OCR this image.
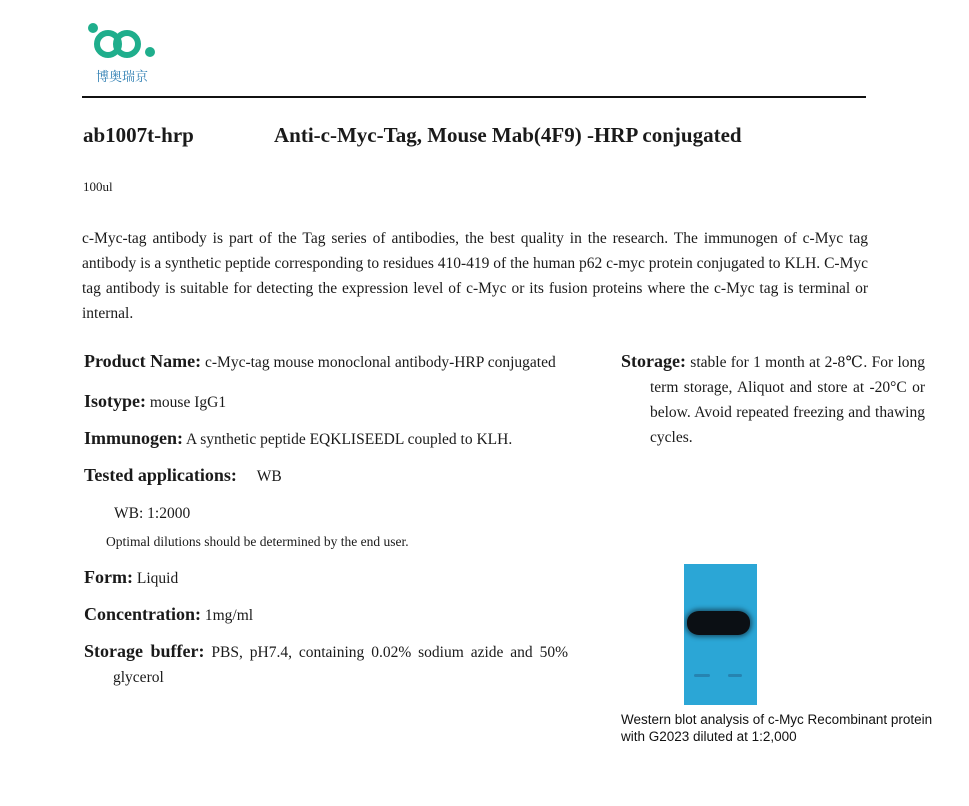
博奥瑞京
ab1007t-hrp	Anti-c-Myc-Tag, Mouse Mab(4F9) -HRP conjugated
100ul
c-Myc-tag antibody is part of the Tag series of antibodies, the best quality in the research. The immunogen of c-Myc tag antibody is a synthetic peptide corresponding to residues 410-419 of the human p62 c-myc protein conjugated to KLH. C-Myc tag antibody is suitable for detecting the expression level of c-Myc or its fusion proteins where the c-Myc tag is terminal or internal.
Product Name: c-Myc-tag mouse monoclonal antibody-HRP conjugated
Isotype: mouse IgG1
Immunogen: A synthetic peptide EQKLISEEDL coupled to KLH.
Tested applications: WB
WB: 1:2000
Optimal dilutions should be determined by the end user.
Form: Liquid
Concentration: 1mg/ml
Storage buffer: PBS, pH7.4, containing 0.02% sodium azide and 50% glycerol
Storage: stable for 1 month at 2-8℃. For long term storage, Aliquot and store at -20°C or below. Avoid repeated freezing and thawing cycles.
Western blot analysis of c-Myc Recombinant protein with G2023 diluted at 1:2,000
